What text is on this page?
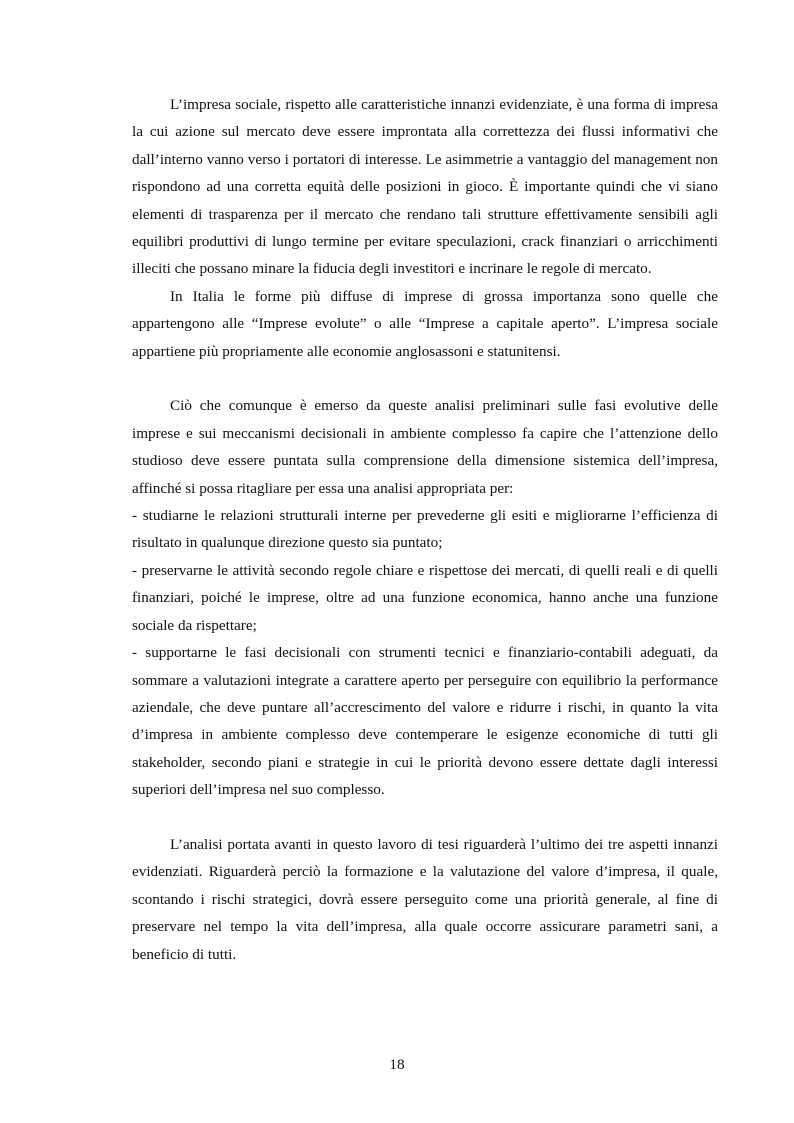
L’impresa sociale, rispetto alle caratteristiche innanzi evidenziate, è una forma di impresa la cui azione sul mercato deve essere improntata alla correttezza dei flussi informativi che dall’interno vanno verso i portatori di interesse. Le asimmetrie a vantaggio del management non rispondono ad una corretta equità delle posizioni in gioco. È importante quindi che vi siano elementi di trasparenza per il mercato che rendano tali strutture effettivamente sensibili agli equilibri produttivi di lungo termine per evitare speculazioni, crack finanziari o arricchimenti illeciti che possano minare la fiducia degli investitori e incrinare le regole di mercato.

In Italia le forme più diffuse di imprese di grossa importanza sono quelle che appartengono alle “Imprese evolute” o alle “Imprese a capitale aperto”. L’impresa sociale appartiene più propriamente alle economie anglosassoni e statunitensi.

Ciò che comunque è emerso da queste analisi preliminari sulle fasi evolutive delle imprese e sui meccanismi decisionali in ambiente complesso fa capire che l’attenzione dello studioso deve essere puntata sulla comprensione della dimensione sistemica dell’impresa, affinché si possa ritagliare per essa una analisi appropriata per:

- studiarne le relazioni strutturali interne per prevederne gli esiti e migliorarne l’efficienza di risultato in qualunque direzione questo sia puntato;

- preservarne le attività secondo regole chiare e rispettose dei mercati, di quelli reali e di quelli finanziari, poiché le imprese, oltre ad una funzione economica, hanno anche una funzione sociale da rispettare;

- supportarne le fasi decisionali con strumenti tecnici e finanziario-contabili adeguati, da sommare a valutazioni integrate a carattere aperto per perseguire con equilibrio la performance aziendale, che deve puntare all’accrescimento del valore e ridurre i rischi, in quanto la vita d’impresa in ambiente complesso deve contemperare le esigenze economiche di tutti gli stakeholder, secondo piani e strategie in cui le priorità devono essere dettate dagli interessi superiori dell’impresa nel suo complesso.

L’analisi portata avanti in questo lavoro di tesi riguarderà l’ultimo dei tre aspetti innanzi evidenziati. Riguarderà perciò la formazione e la valutazione del valore d’impresa, il quale, scontando i rischi strategici, dovrà essere perseguito come una priorità generale, al fine di preservare nel tempo la vita dell’impresa, alla quale occorre assicurare parametri sani, a beneficio di tutti.

18
